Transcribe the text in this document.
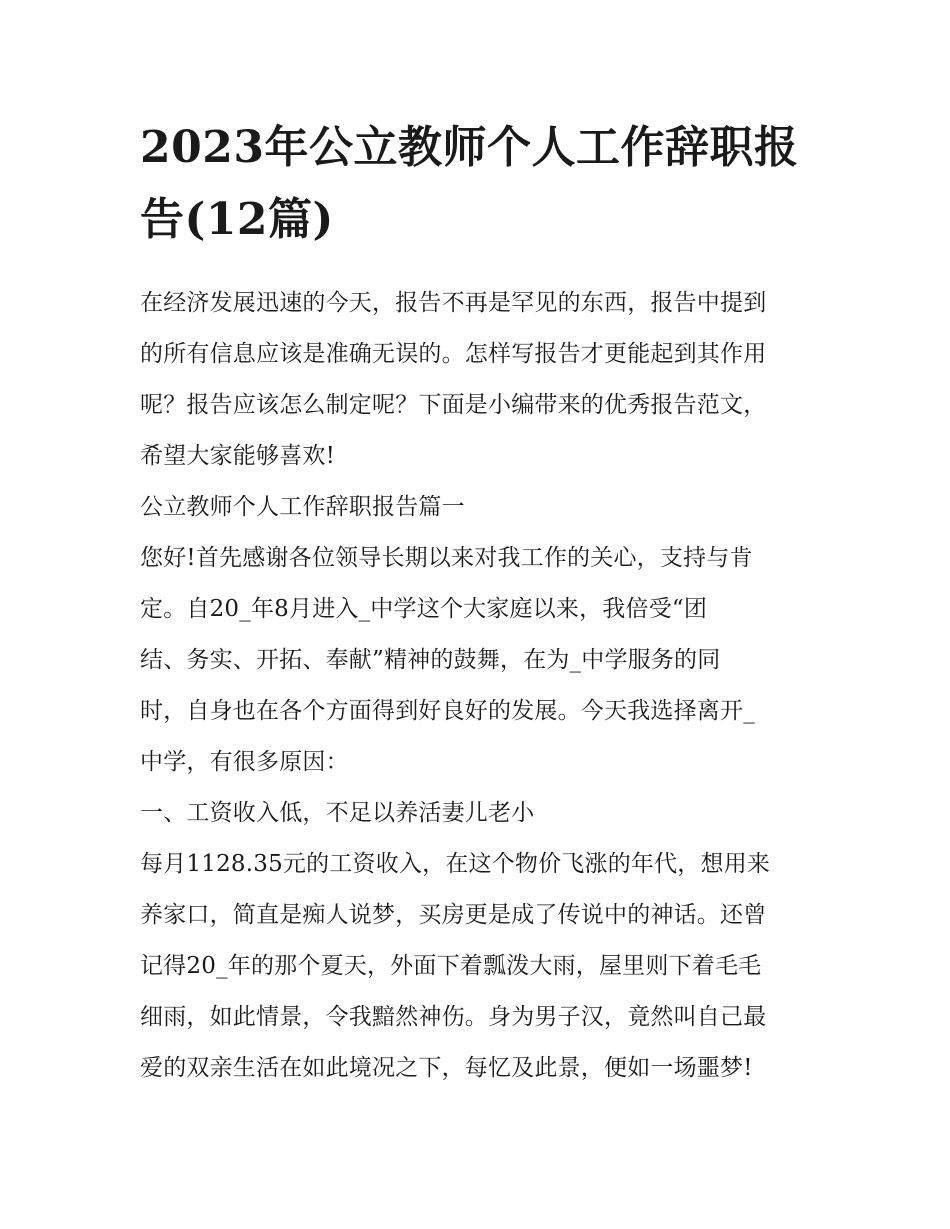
2023年公立教师个人工作辞职报告(12篇)
在经济发展迅速的今天，报告不再是罕见的东西，报告中提到
的所有信息应该是准确无误的。怎样写报告才更能起到其作用
呢？报告应该怎么制定呢？下面是小编带来的优秀报告范文，
希望大家能够喜欢!
公立教师个人工作辞职报告篇一
您好!首先感谢各位领导长期以来对我工作的关心，支持与肯
定。自20_年8月进入_中学这个大家庭以来，我倍受“团
结、务实、开拓、奉献”精神的鼓舞，在为_中学服务的同
时，自身也在各个方面得到好良好的发展。今天我选择离开_
中学，有很多原因：
一、工资收入低，不足以养活妻儿老小
每月1128.35元的工资收入，在这个物价飞涨的年代，想用来
养家口，简直是痴人说梦，买房更是成了传说中的神话。还曾
记得20_年的那个夏天，外面下着瓢泼大雨，屋里则下着毛毛
细雨，如此情景，令我黯然神伤。身为男子汉，竟然叫自己最
爱的双亲生活在如此境况之下，每忆及此景，便如一场噩梦!
